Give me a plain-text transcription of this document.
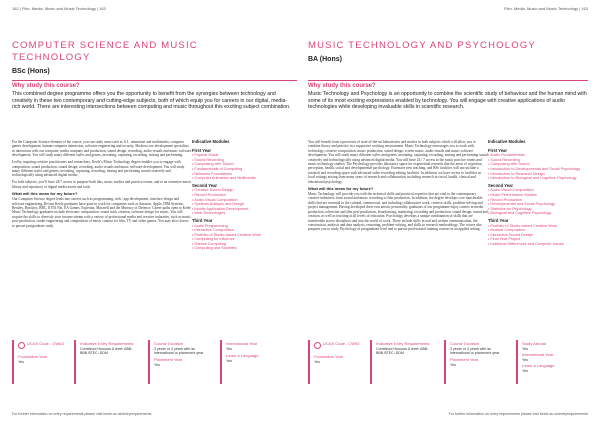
162 | Film, Media, Music and Music Technology | 163
COMPUTER SCIENCE AND MUSIC
TECHNOLOGY
BSc (Hons)
Why study this course?
This combined degree programme offers you the opportunity to benefit from the synergies between technology and creativity in these two contemporary and cutting-edge subjects, both of which equip you for careers in our digital, media-rich world. There are interesting intersections between computing and music throughout this exciting subject combination.

For the Computer Science element of the course, you can study areas such as A.I., animation and multimedia, computer games development, human-computer interaction, software engineering and security. Modern core development specialists in interaction with our computer, media company and production, sound design, recording, audio visuals and music software development. You will study many different styles and genres, inventing, capturing, recording, mixing and performing.

Led by inspiring creative practitioners and researchers, Keele’s Music Technology degree enables you to engage with composition, sound production, sound design, recording, audio visuals and music software development. You will study many different styles and genres, inventing, capturing, recording, mixing and performing sound creatively and technologically using advanced digital media.

For both subjects, you’ll have 24/7 access to purpose-built labs, music studios and practice rooms, and to an extensive music library and repository of digital media assets and tools.

What will this mean for my future?

Our Computer Science degree leads into careers such as programming, web / app development, interface design and software engineering. Recent Keele graduates have gone to work for companies such as Amazon, Apple, IBM Systems, Bentley, Barclays, BBC, IOTA Net, EA Games, Experian, Maxwell and the Ministry of Defence. Career paths open to Keele Music Technology graduates include electronic composition, sound track creation, software design for music. You will acquire the skills to diversify your income stream with a variety of professional media and creative industries, such as music, post-production, studio engineering and composition of music content for film, TV and video games. You may also choose to pursue postgraduate study.

Indicative Modules
First Year
• Popular Music
• Sound Recording
• Composing with Sound
• Fundamentals of Computing
• Networks Foundations
• Computer Animation and Multimedia
Second Year
• Creative Sound Design
• Record Production
• Audio-Visual Composition
• Systems Analysis and Design
• Mobile Application Development
• Web Technologies
Third Year
• Audio Programming
• Interactive Composition
• Portfolio of Studio-based Creative Work
• Computing for Influence
• Games Computing
• Computing and Societies
UCAS Code - GW63
Foundation Year
Yes
Indicative Entry Requirements
Combined Honours A level: ABB-BBB BTEC: DDM
Course Duration
3 years or 4 years with an international or placement year
Placement Year
Yes
International Year
Yes
Learn a Language
Yes
For further information on entry requirements please visit keele.ac.uk/entryrequirements
Film, Media, Music and Music Technology | 163
MUSIC TECHNOLOGY AND PSYCHOLOGY
BA (Hons)
Why study this course?
Music Technology and Psychology is an opportunity to combine the scientific study of behaviour and the human mind with some of its most exciting expressions enabled by technology. You will engage with creative applications of audio technologies while developing invaluable skills in scientific research.

You will benefit from a provision of state-of-the-art laboratories and studios in both subjects which will allow you to combine theory and practice in a supportive working environment. Music Technology encourages you to work with technology, creative composition, music production, sound design, screen music, audio visuals and music software development. You will study many different styles and genres, inventing, capturing, recording, mixing and performing sound creatively and technologically using advanced digital media. You will have 24 / 7 access to the music practice rooms and music technology studios. The Psychology provides laboratory space for experiential research that the areas of cognition, perception, health, social and developmental psychology. Extensive new teaching, and BSc facilities will use include a research and recording space with advanced video recording editing facilities. In addition, we have access to facilities in local settings arising from many years of research and collaboration, including research in social, health, clinical and educational psychology.

What will this mean for my future?

Music Technology will provide you with the technical skills and practical expertise that are vital to the contemporary creative industries, from sound and music recording to film production. In addition, the degree develops core transferable skills that are essential to the cultural, commercial, and including collaborative work, creative skills, problem-solving and project management. Having developed their own artistic personality, graduates of our programme enjoy careers in media production, television and film post-production, broadcasting, marketing, recording and production, sound design, sound and creation, as well as teaching at all levels of education. Psychology develops a unique combination of skills that are transferable across disciplines and into the world of work. These include skills in oral and written communication, the construction, analysis and data analysis, reasoning, problem-solving, and skills in research methodology. The course also prepares you to study Psychology at postgraduate level and to pursue professional training courses in an applied setting.

Indicative Modules
First Year
• Audio Fundamentals
• Sound Recording
• Composing with Sound
• Introduction to Developmental and Social Psychology
• Introduction to Research Design
• Introduction to Biological and Cognitive Psychology
Second Year
• Audio-Visual Composition
• Music Performance Studies
• Record Production
• Developmental and Social Psychology
• Statistics for Psychology
• Biological and Cognitive Psychology
Third Year
• Portfolio of Studio-based Creative Work
• Musical Composition
• Interactive Sound Design
• Final Year Project
• Individual Differences and Computer Issues
UCAS Code - CW93
Foundation Year
Yes
Indicative Entry Requirements
Combined Honours A level: ABB-BBB BTEC: DDM
Course Duration
3 years or 4 years with an international or placement year
Placement Year
Yes
Study Abroad
Yes
International Year
Yes
Learn a Language
Yes
For further information on entry requirements please visit keele.ac.uk/entryrequirements
